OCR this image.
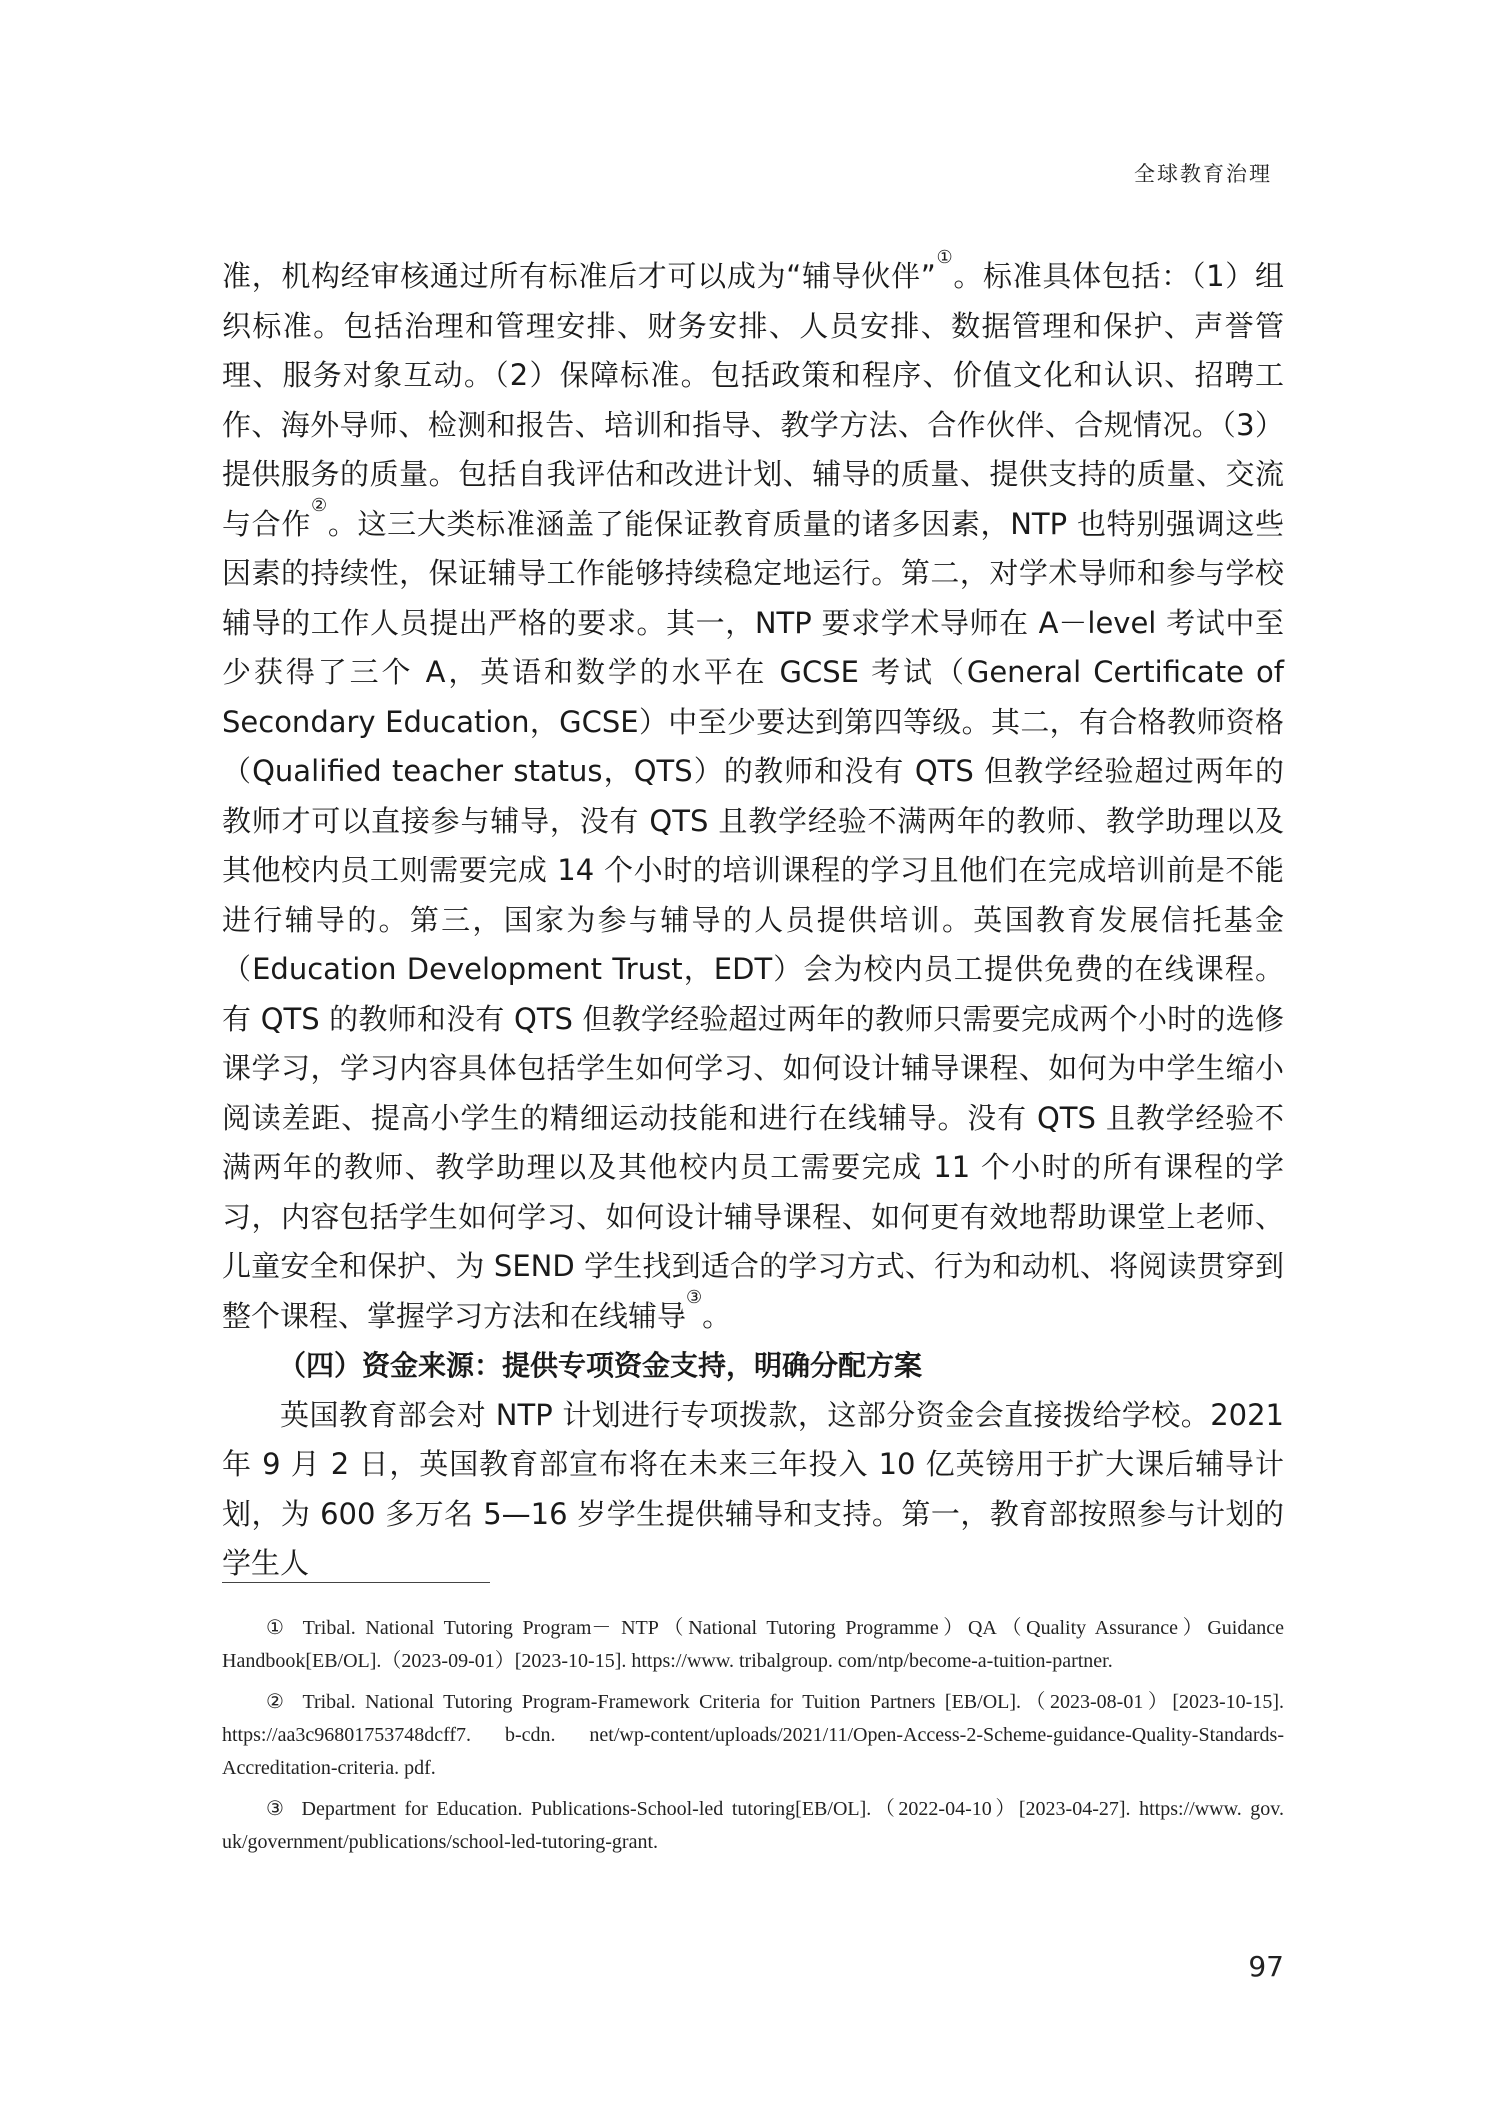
全球教育治理

准，机构经审核通过所有标准后才可以成为“辅导伙伴”①。标准具体包括：（1）组织标准。包括治理和管理安排、财务安排、人员安排、数据管理和保护、声誉管理、服务对象互动。（2）保障标准。包括政策和程序、价值文化和认识、招聘工作、海外导师、检测和报告、培训和指导、教学方法、合作伙伴、合规情况。（3）提供服务的质量。包括自我评估和改进计划、辅导的质量、提供支持的质量、交流与合作②。这三大类标准涵盖了能保证教育质量的诸多因素，NTP 也特别强调这些因素的持续性，保证辅导工作能够持续稳定地运行。第二，对学术导师和参与学校辅导的工作人员提出严格的要求。其一，NTP 要求学术导师在 A－level 考试中至少获得了三个 A，英语和数学的水平在 GCSE 考试（General Certificate of Secondary Education，GCSE）中至少要达到第四等级。其二，有合格教师资格（Qualified teacher status，QTS）的教师和没有 QTS 但教学经验超过两年的教师才可以直接参与辅导，没有 QTS 且教学经验不满两年的教师、教学助理以及其他校内员工则需要完成 14 个小时的培训课程的学习且他们在完成培训前是不能进行辅导的。第三，国家为参与辅导的人员提供培训。英国教育发展信托基金（Education Development Trust，EDT）会为校内员工提供免费的在线课程。有 QTS 的教师和没有 QTS 但教学经验超过两年的教师只需要完成两个小时的选修课学习，学习内容具体包括学生如何学习、如何设计辅导课程、如何为中学生缩小阅读差距、提高小学生的精细运动技能和进行在线辅导。没有 QTS 且教学经验不满两年的教师、教学助理以及其他校内员工需要完成 11 个小时的所有课程的学习，内容包括学生如何学习、如何设计辅导课程、如何更有效地帮助课堂上老师、儿童安全和保护、为 SEND 学生找到适合的学习方式、行为和动机、将阅读贯穿到整个课程、掌握学习方法和在线辅导③。

（四）资金来源：提供专项资金支持，明确分配方案

英国教育部会对 NTP 计划进行专项拨款，这部分资金会直接拨给学校。2021 年 9 月 2 日，英国教育部宣布将在未来三年投入 10 亿英镑用于扩大课后辅导计划，为 600 多万名 5—16 岁学生提供辅导和支持。第一，教育部按照参与计划的学生人

① Tribal. National Tutoring Program－ NTP（National Tutoring Programme）QA（Quality Assurance）Guidance Handbook[EB/OL].（2023-09-01）[2023-10-15]. https://www. tribalgroup. com/ntp/become-a-tuition-partner.

② Tribal. National Tutoring Program-Framework Criteria for Tuition Partners [EB/OL].（2023-08-01）[2023-10-15]. https://aa3c96801753748dcff7. b-cdn. net/wp-content/uploads/2021/11/Open-Access-2-Scheme-guidance-Quality-Standards-Accreditation-criteria. pdf.

③ Department for Education. Publications-School-led tutoring[EB/OL].（2022-04-10）[2023-04-27]. https://www. gov. uk/government/publications/school-led-tutoring-grant.

97
